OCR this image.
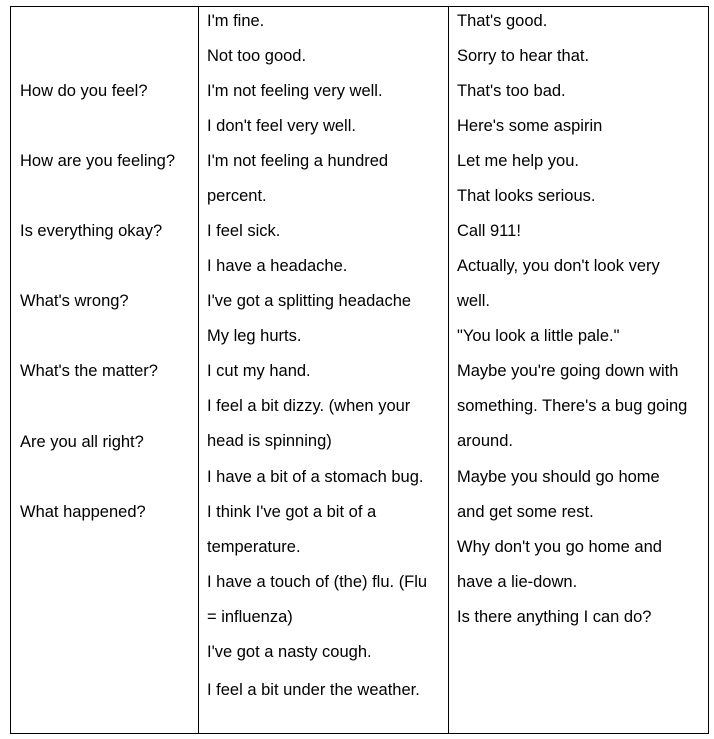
How do you feel?
How are you feeling?
Is everything okay?
What's wrong?
What's the matter?
Are you all right?
What happened?
I'm fine.
Not too good.
I'm not feeling very well.
I don't feel very well.
I'm not feeling a hundred
percent.
I feel sick.
I have a headache.
I've got a splitting headache
My leg hurts.
I cut my hand.
I feel a bit dizzy. (when your
head is spinning)
I have a bit of a stomach bug.
I think I've got a bit of a
temperature.
I have a touch of (the) flu. (Flu
= influenza)
I've got a nasty cough.
I feel a bit under the weather.
That's good.
Sorry to hear that.
That's too bad.
Here's some aspirin
Let me help you.
That looks serious.
Call 911!
Actually, you don't look very
well.
"You look a little pale."
Maybe you're going down with
something. There's a bug going
around.
Maybe you should go home
and get some rest.
Why don't you go home and
have a lie-down.
Is there anything I can do?
